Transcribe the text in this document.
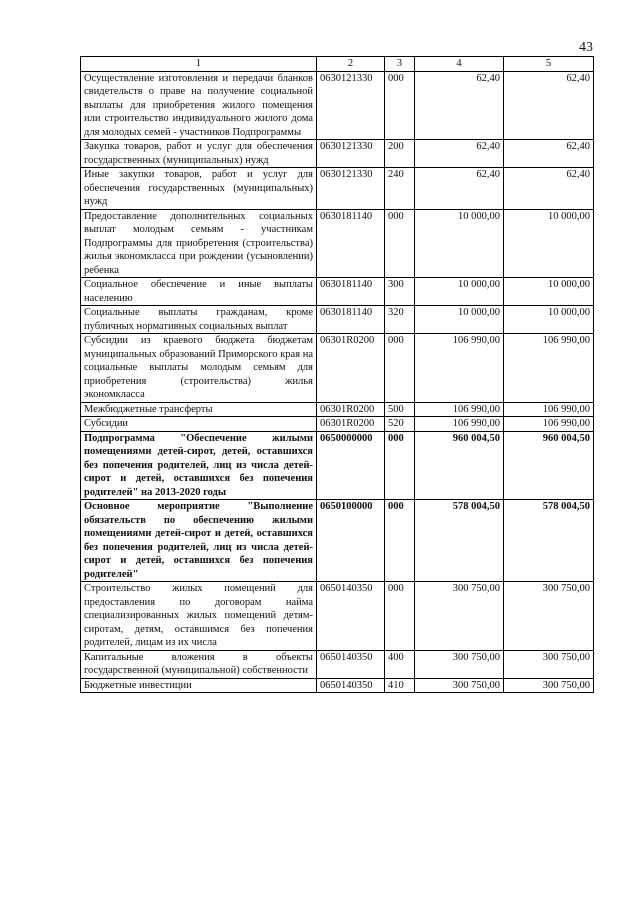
43
1	2	3	4	5
Осуществление изготовления и передачи бланков свидетельств о праве на получение социальной выплаты для приобретения жилого помещения или строительство индивидуального жилого дома для молодых семей - участников Подпрограммы	0630121330	000	62,40	62,40
Закупка товаров, работ и услуг для обеспечения государственных (муниципальных) нужд	0630121330	200	62,40	62,40
Иные закупки товаров, работ и услуг для обеспечения государственных (муниципальных) нужд	0630121330	240	62,40	62,40
Предоставление дополнительных социальных выплат молодым семьям - участникам Подпрограммы для приобретения (строительства) жилья экономкласса при рождении (усыновлении) ребенка	0630181140	000	10 000,00	10 000,00
Социальное обеспечение и иные выплаты населению	0630181140	300	10 000,00	10 000,00
Социальные выплаты гражданам, кроме публичных нормативных социальных выплат	0630181140	320	10 000,00	10 000,00
Субсидии из краевого бюджета бюджетам муниципальных образований Приморского края на социальные выплаты молодым семьям для приобретения (строительства) жилья экономкласса	06301R0200	000	106 990,00	106 990,00
Межбюджетные трансферты	06301R0200	500	106 990,00	106 990,00
Субсидии	06301R0200	520	106 990,00	106 990,00
Подпрограмма "Обеспечение жилыми помещениями детей-сирот, детей, оставшихся без попечения родителей, лиц из числа детей-сирот и детей, оставшихся без попечения родителей" на 2013-2020 годы	0650000000	000	960 004,50	960 004,50
Основное мероприятие "Выполнение обязательств по обеспечению жилыми помещениями детей-сирот и детей, оставшихся без попечения родителей, лиц из числа детей-сирот и детей, оставшихся без попечения родителей"	0650100000	000	578 004,50	578 004,50
Строительство жилых помещений для предоставления по договорам найма специализированных жилых помещений детям-сиротам, детям, оставшимся без попечения родителей, лицам из их числа	0650140350	000	300 750,00	300 750,00
Капитальные вложения в объекты государственной (муниципальной) собственности	0650140350	400	300 750,00	300 750,00
Бюджетные инвестиции	0650140350	410	300 750,00	300 750,00
